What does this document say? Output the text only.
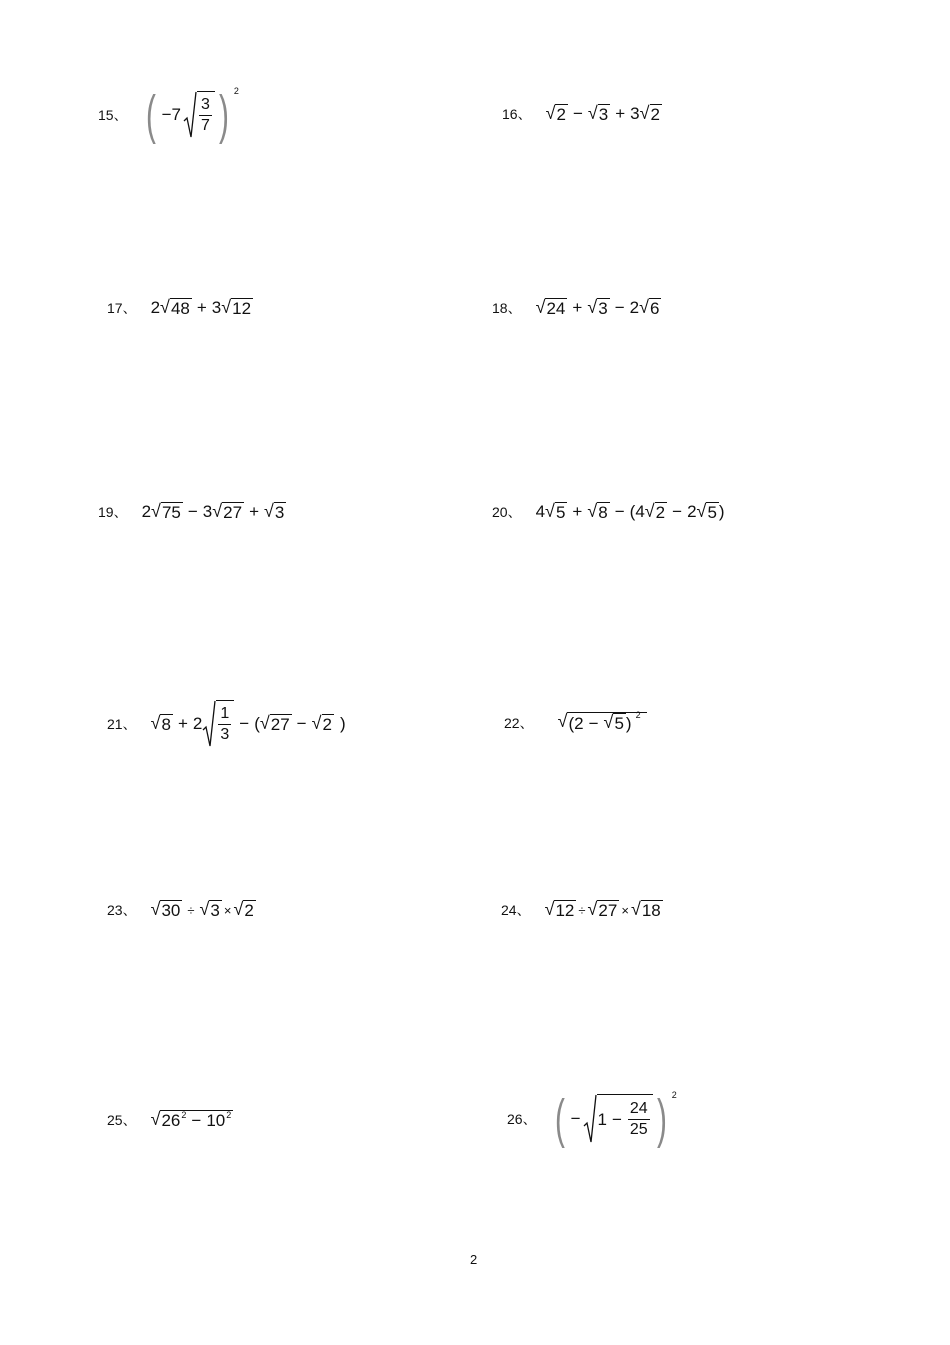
15、 ( $-7 \frac{3}{7}$ ) 2
16、 √ 2 − √ 3 + 3 √ 2
17、 2 √ 48 + 3 √ 12	18、 √ 24 + √ 3 − 2 √ 6
19、 2 √ 75 − 3 √ 27 + √ 3	20、 4 √ 5 + √ 8 − ( 4 √ 2 − 2 √ 5 )
21、 √ $8 + 2 \frac{1}{3}$ − ( √ 27 − √ 2 )	22、 √ ( 2 − √ 5 ) 2
23、 √ 30 ÷ √ 3 × √ 2	24、 √ 12 ÷ √ 27 × √ 18
25、 √ 26 2 − 10 2	26、 ( − $1 - \frac{24}{25}$ ) 2
2
